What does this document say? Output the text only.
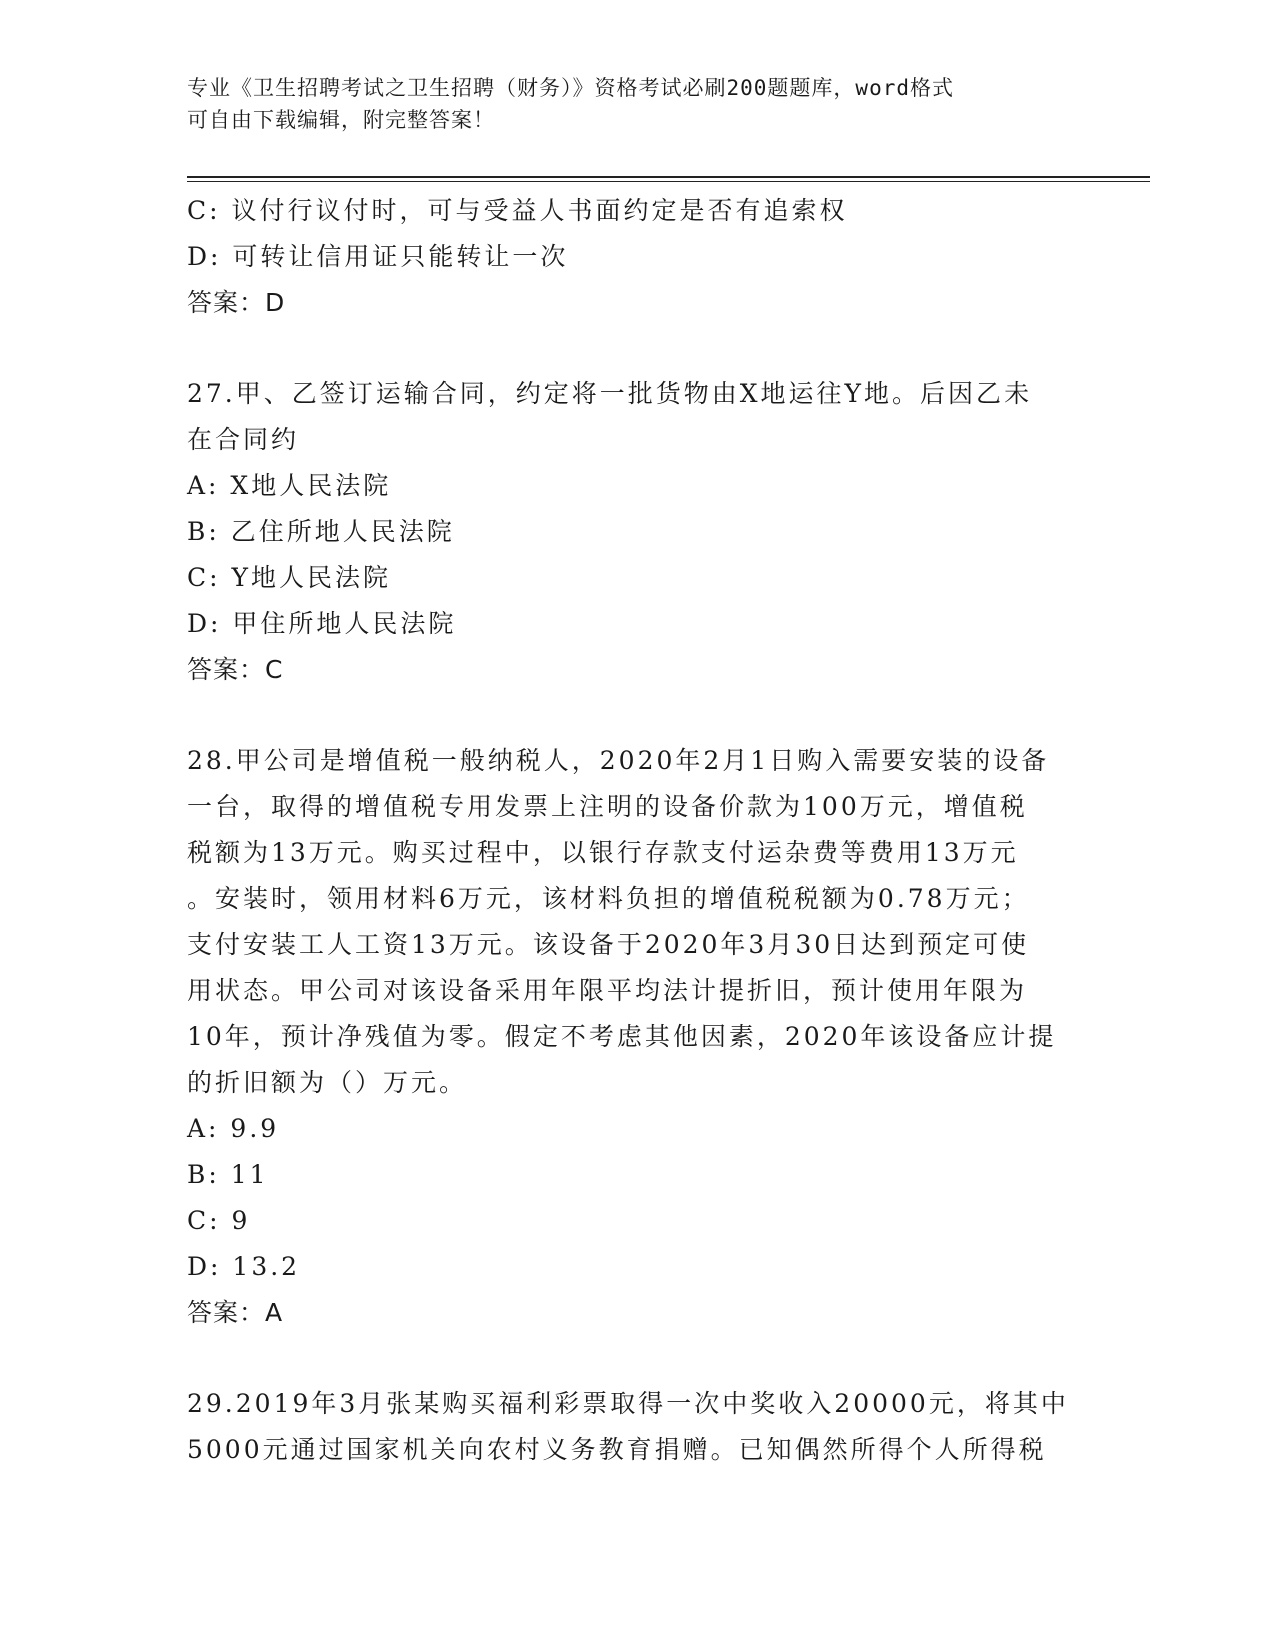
专业《卫生招聘考试之卫生招聘（财务）》资格考试必刷200题题库，word格式

可自由下载编辑，附完整答案！

C: 议付行议付时，可与受益人书面约定是否有追索权
D: 可转让信用证只能转让一次
答案：D
27.甲、乙签订运输合同，约定将一批货物由X地运往Y地。后因乙未
在合同约
A: X地人民法院
B: 乙住所地人民法院
C: Y地人民法院
D: 甲住所地人民法院
答案：C
28.甲公司是增值税一般纳税人，2020年2月1日购入需要安装的设备
一台，取得的增值税专用发票上注明的设备价款为100万元，增值税
税额为13万元。购买过程中，以银行存款支付运杂费等费用13万元
。安装时，领用材料6万元，该材料负担的增值税税额为0.78万元；
支付安装工人工资13万元。该设备于2020年3月30日达到预定可使
用状态。甲公司对该设备采用年限平均法计提折旧，预计使用年限为
10年，预计净残值为零。假定不考虑其他因素，2020年该设备应计提
的折旧额为（）万元。
A: 9.9
B: 11
C: 9
D: 13.2
答案：A
29.2019年3月张某购买福利彩票取得一次中奖收入20000元，将其中
5000元通过国家机关向农村义务教育捐赠。已知偶然所得个人所得税
